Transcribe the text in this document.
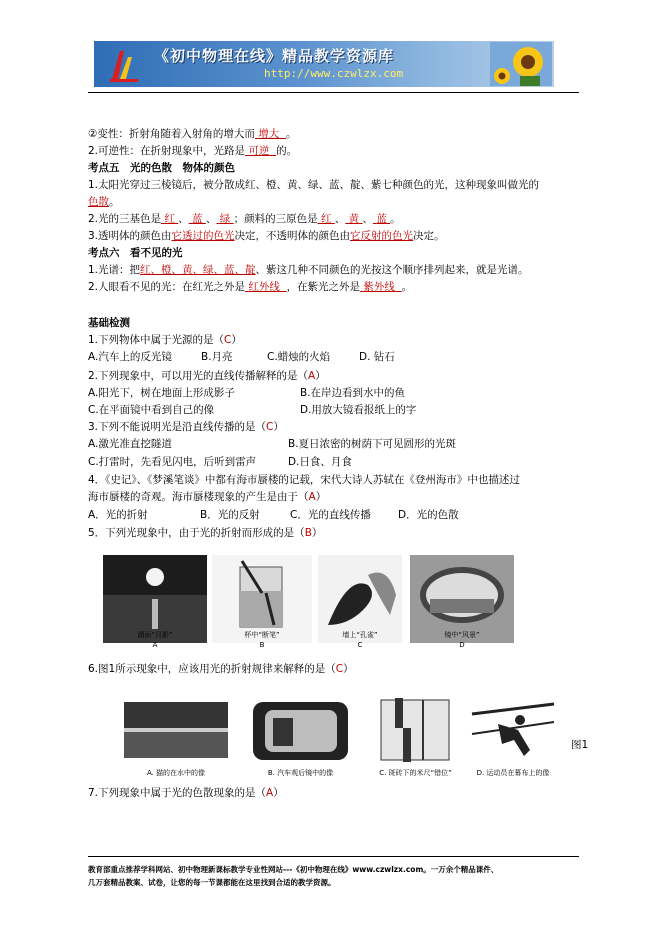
《初中物理在线》精品教学资源库
http://www.czwlzx.com
②变性：折射角随着入射角的增大而 增大 。
2.可逆性：在折射现象中，光路是 可逆 的。
考点五　光的色散　物体的颜色
1.太阳光穿过三棱镜后，被分散成红、橙、黄、绿、蓝、靛、紫七种颜色的光，这种现象叫做光的
色散。
2.光的三基色是 红 、 蓝 、 绿 ；颜料的三原色是 红 、 黄 、 蓝 。
3.透明体的颜色由它透过的色光决定，不透明体的颜色由它反射的色光决定。
考点六　看不见的光
1.光谱：把红、橙、黄、绿、蓝、靛、紫这几种不同颜色的光按这个顺序排列起来，就是光谱。
2.人眼看不见的光：在红光之外是 红外线 ，在紫光之外是 紫外线 。
基础检测
1.下列物体中属于光源的是（C）
A.汽车上的反光镜	B.月亮	C.蜡烛的火焰	D. 钻石
2.下列现象中，可以用光的直线传播解释的是（A）
A.阳光下，树在地面上形成影子	B.在岸边看到水中的鱼
C.在平面镜中看到自己的像	D.用放大镜看报纸上的字
3.下列不能说明光是沿直线传播的是（C）
A.激光准直挖隧道	B.夏日浓密的树荫下可见圆形的光斑
C.打雷时，先看见闪电，后听到雷声	D.日食、月食
4．《史记》、《梦溪笔谈》中都有海市蜃楼的记载，宋代大诗人苏轼在《登州海市》中也描述过
海市蜃楼的奇观。海市蜃楼现象的产生是由于（A）
A．光的折射	B．光的反射	C．光的直线传播	D．光的色散
5．下列光现象中，由于光的折射而形成的是（B）
湖面“月影”	杯中“断笔”	墙上“孔雀”	镜中“风景”
A	B	C	D
6.图1所示现象中，应该用光的折射规律来解释的是（C）
图1
A. 猫的在水中的像	B. 汽车观后镜中的像	C. 斑砖下的米尺“错位”	D. 运动员在幕布上的像
7.下列现象中属于光的色散现象的是（A）
教育部重点推荐学科网站、初中物理新课标教学专业性网站---《初中物理在线》www.czwlzx.com。一万余个精品课件、
几万套精品教案、试卷，让您的每一节课都能在这里找到合适的教学资源。
